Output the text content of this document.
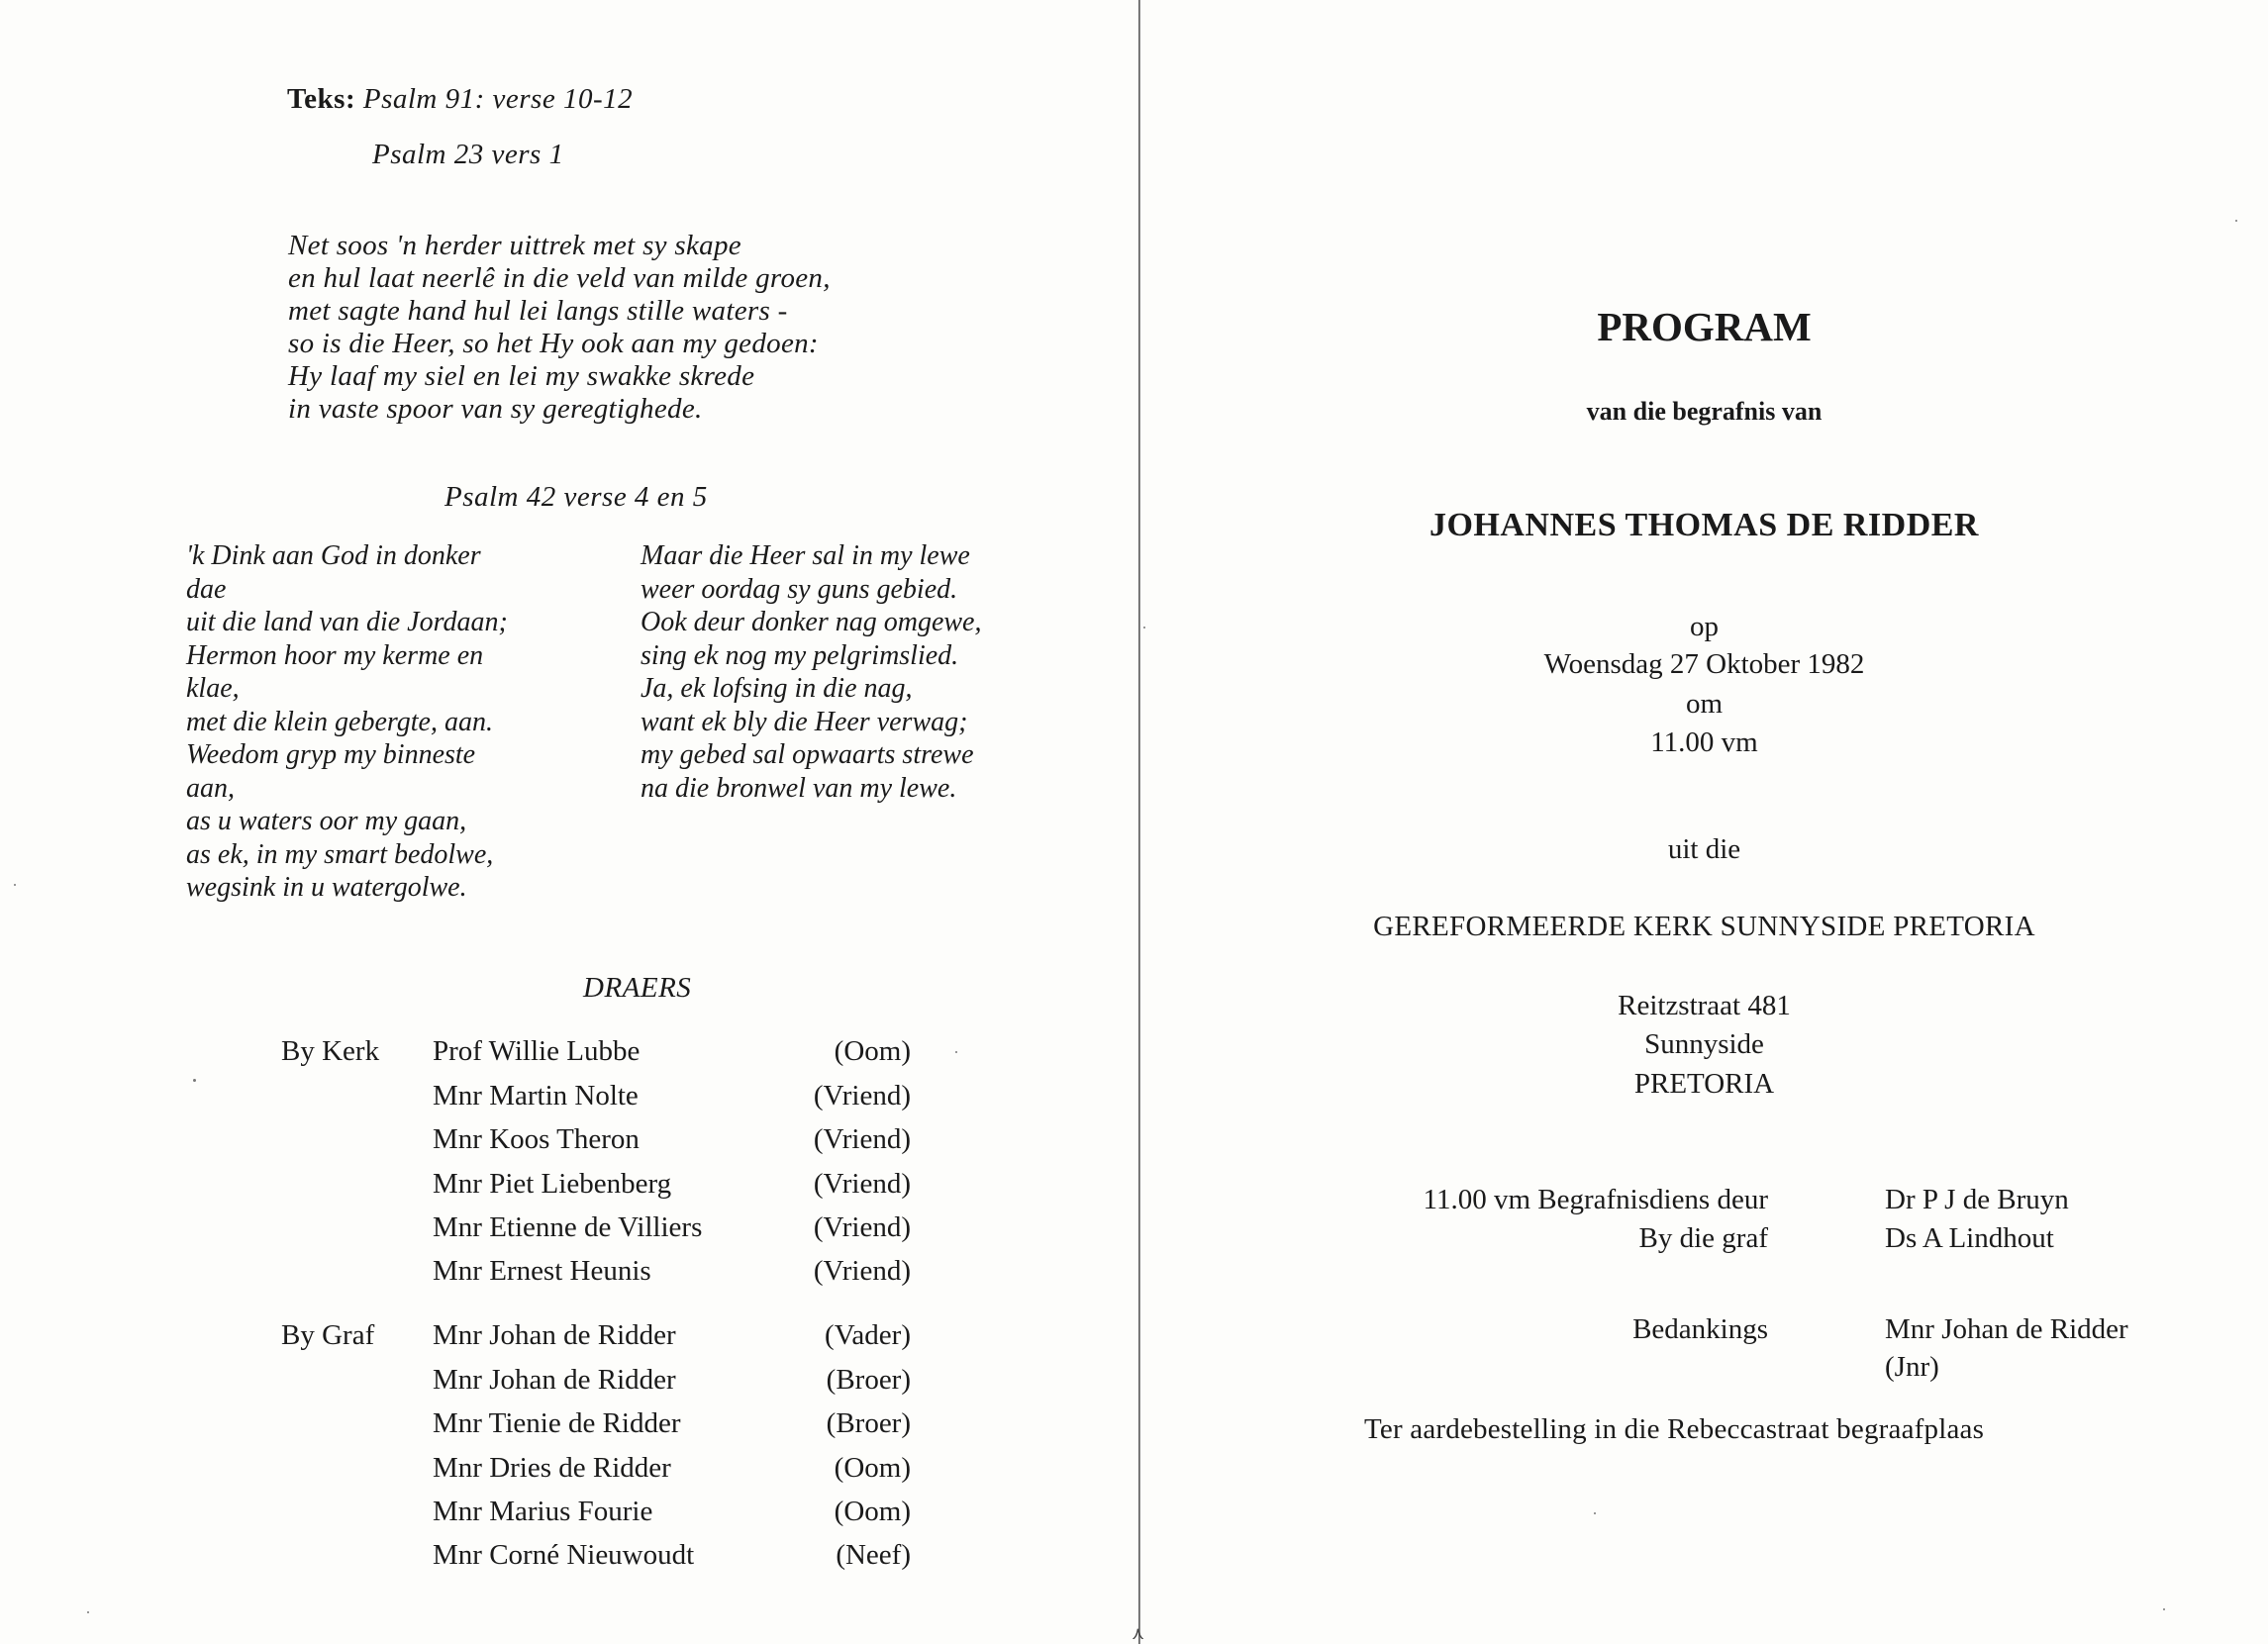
Teks: Psalm 91: verse 10-12
Psalm 23 vers 1
Net soos 'n herder uittrek met sy skape
en hul laat neerlê in die veld van milde groen,
met sagte hand hul lei langs stille waters -
so is die Heer, so het Hy ook aan my gedoen:
Hy laaf my siel en lei my swakke skrede
in vaste spoor van sy geregtighede.
Psalm 42 verse 4 en 5
'k Dink aan God in donker
dae
uit die land van die Jordaan;
Hermon hoor my kerme en
klae,
met die klein gebergte, aan.
Weedom gryp my binneste
aan,
as u waters oor my gaan,
as ek, in my smart bedolwe,
wegsink in u watergolwe.
Maar die Heer sal in my lewe
weer oordag sy guns gebied.
Ook deur donker nag omgewe,
sing ek nog my pelgrimslied.
Ja, ek lofsing in die nag,
want ek bly die Heer verwag;
my gebed sal opwaarts strewe
na die bronwel van my lewe.
DRAERS
By Kerk Prof Willie Lubbe	(Oom)
Mnr Martin Nolte	(Vriend)
Mnr Koos Theron	(Vriend)
Mnr Piet Liebenberg	(Vriend)
Mnr Etienne de Villiers	(Vriend)
Mnr Ernest Heunis	(Vriend)
By Graf Mnr Johan de Ridder	(Vader)
Mnr Johan de Ridder	(Broer)
Mnr Tienie de Ridder	(Broer)
Mnr Dries de Ridder	(Oom)
Mnr Marius Fourie	(Oom)
Mnr Corné Nieuwoudt	(Neef)
⋏
PROGRAM
van die begrafnis van
JOHANNES THOMAS DE RIDDER
op
Woensdag 27 Oktober 1982
om
11.00 vm
uit die
GEREFORMEERDE KERK SUNNYSIDE PRETORIA
Reitzstraat 481
Sunnyside
PRETORIA
11.00 vm Begrafnisdiens deur	Dr P J de Bruyn
By die graf	Ds A Lindhout
Bedankings	Mnr Johan de Ridder
(Jnr)
Ter aardebestelling in die Rebeccastraat begraafplaas
